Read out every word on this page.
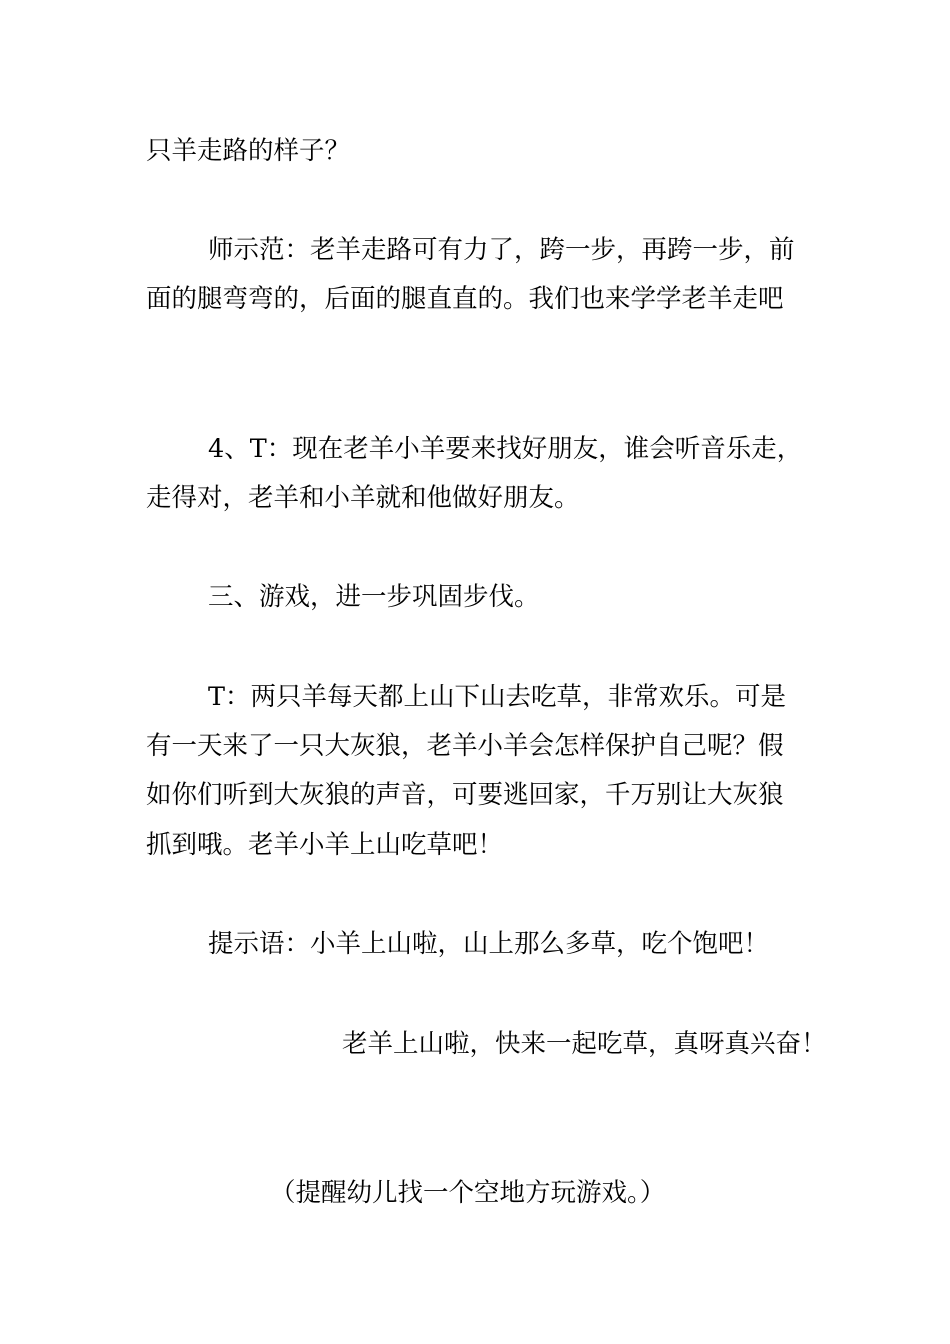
只羊走路的样子？

师示范：老羊走路可有力了，跨一步，再跨一步，前

面的腿弯弯的，后面的腿直直的。我们也来学学老羊走吧

4、T：现在老羊小羊要来找好朋友，谁会听音乐走，

走得对，老羊和小羊就和他做好朋友。

三、游戏，进一步巩固步伐。

T：两只羊每天都上山下山去吃草，非常欢乐。可是

有一天来了一只大灰狼，老羊小羊会怎样保护自己呢？假

如你们听到大灰狼的声音，可要逃回家，千万别让大灰狼

抓到哦。老羊小羊上山吃草吧！

提示语：小羊上山啦，山上那么多草，吃个饱吧！

老羊上山啦，快来一起吃草，真呀真兴奋！

（提醒幼儿找一个空地方玩游戏。）
